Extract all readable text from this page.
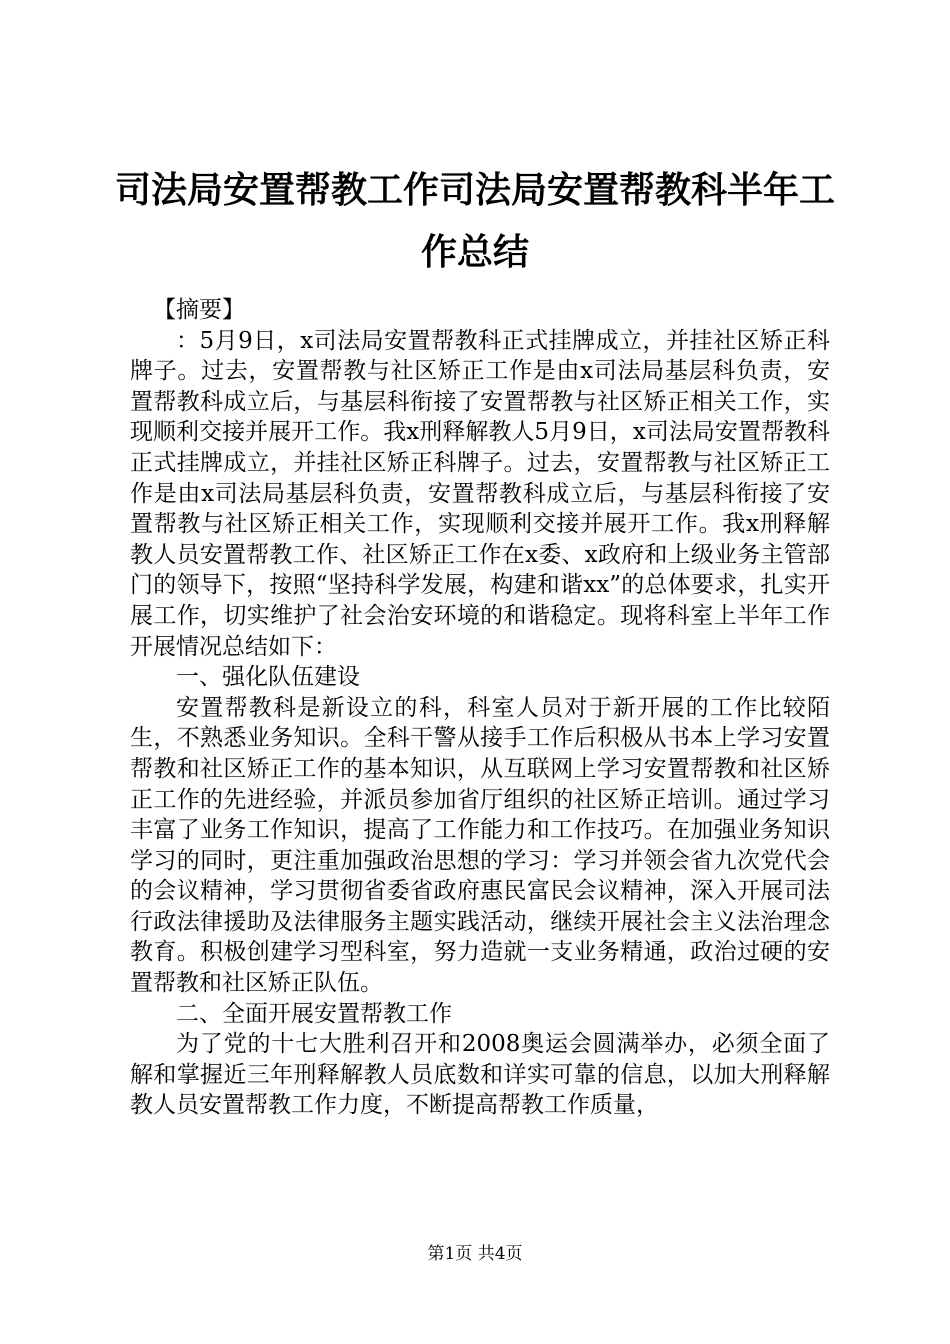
司法局安置帮教工作司法局安置帮教科半年工作总结

【摘要】

：5月9日，x司法局安置帮教科正式挂牌成立，并挂社区矫正科牌子。过去，安置帮教与社区矫正工作是由x司法局基层科负责，安置帮教科成立后，与基层科衔接了安置帮教与社区矫正相关工作，实现顺利交接并展开工作。我x刑释解教人5月9日，x司法局安置帮教科正式挂牌成立，并挂社区矫正科牌子。过去，安置帮教与社区矫正工作是由x司法局基层科负责，安置帮教科成立后，与基层科衔接了安置帮教与社区矫正相关工作，实现顺利交接并展开工作。我x刑释解教人员安置帮教工作、社区矫正工作在x委、x政府和上级业务主管部门的领导下，按照“坚持科学发展，构建和谐xx”的总体要求，扎实开展工作，切实维护了社会治安环境的和谐稳定。现将科室上半年工作开展情况总结如下：

一、强化队伍建设

安置帮教科是新设立的科，科室人员对于新开展的工作比较陌生，不熟悉业务知识。全科干警从接手工作后积极从书本上学习安置帮教和社区矫正工作的基本知识，从互联网上学习安置帮教和社区矫正工作的先进经验，并派员参加省厅组织的社区矫正培训。通过学习丰富了业务工作知识，提高了工作能力和工作技巧。在加强业务知识学习的同时，更注重加强政治思想的学习：学习并领会省九次党代会的会议精神，学习贯彻省委省政府惠民富民会议精神，深入开展司法行政法律援助及法律服务主题实践活动，继续开展社会主义法治理念教育。积极创建学习型科室，努力造就一支业务精通，政治过硬的安置帮教和社区矫正队伍。

二、全面开展安置帮教工作

为了党的十七大胜利召开和2008奥运会圆满举办，必须全面了解和掌握近三年刑释解教人员底数和详实可靠的信息，以加大刑释解教人员安置帮教工作力度，不断提高帮教工作质量，

第1页 共4页
